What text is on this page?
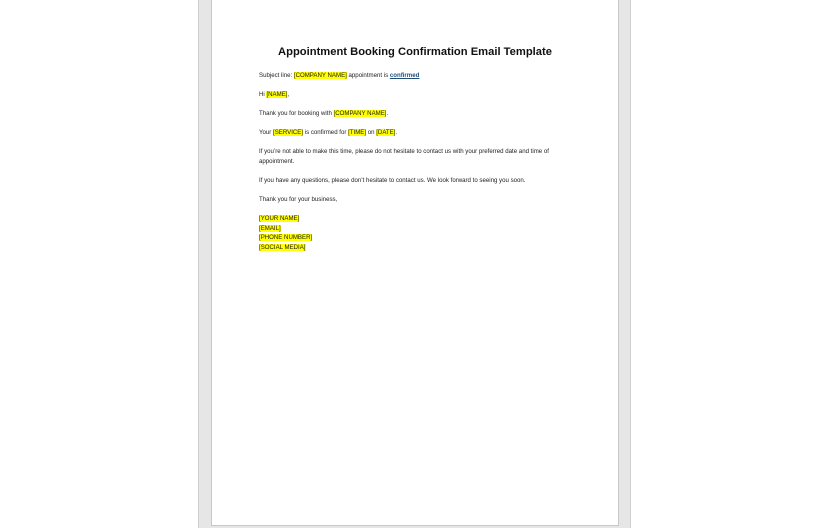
Appointment Booking Confirmation Email Template

Subject line: [COMPANY NAME] appointment is confirmed

Hi [NAME],

Thank you for booking with [COMPANY NAME].

Your [SERVICE] is confirmed for [TIME] on [DATE].

If you’re not able to make this time, please do not hesitate to contact us with your preferred date and time of appointment.

If you have any questions, please don’t hesitate to contact us. We look forward to seeing you soon.

Thank you for your business,

[YOUR NAME]
[EMAIL]
[PHONE NUMBER]
[SOCIAL MEDIA]
